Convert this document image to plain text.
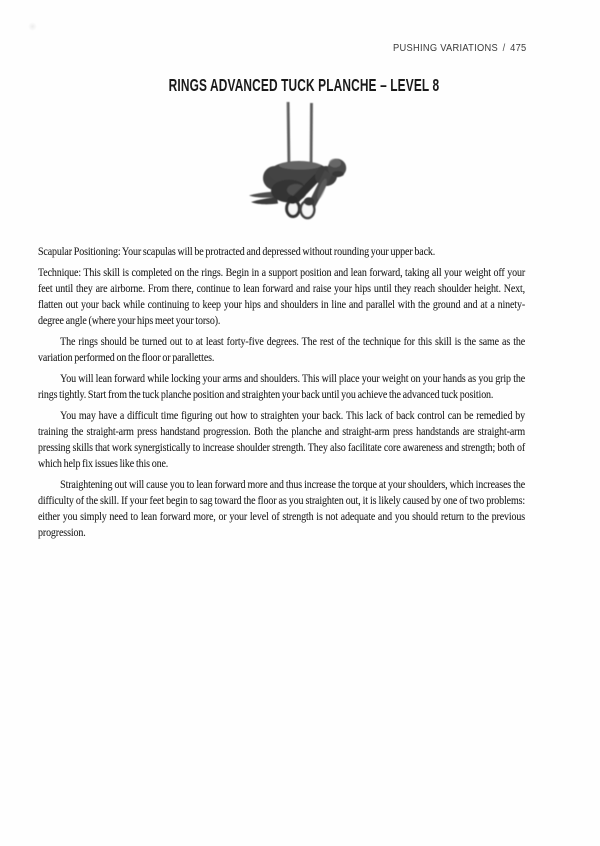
PUSHING VARIATIONS / 475
RINGS ADVANCED TUCK PLANCHE – LEVEL 8

Scapular Positioning: Your scapulas will be protracted and depressed without rounding your upper back.

Technique: This skill is completed on the rings. Begin in a support position and lean forward, taking all your weight off your feet until they are airborne. From there, continue to lean forward and raise your hips until they reach shoulder height. Next, flatten out your back while continuing to keep your hips and shoulders in line and parallel with the ground and at a ninety-degree angle (where your hips meet your torso).

The rings should be turned out to at least forty-five degrees. The rest of the technique for this skill is the same as the variation performed on the floor or parallettes.

You will lean forward while locking your arms and shoulders. This will place your weight on your hands as you grip the rings tightly. Start from the tuck planche position and straighten your back until you achieve the advanced tuck position.

You may have a difficult time figuring out how to straighten your back. This lack of back control can be remedied by training the straight-arm press handstand progression. Both the planche and straight-arm press handstands are straight-arm pressing skills that work synergistically to increase shoulder strength. They also facilitate core awareness and strength; both of which help fix issues like this one.

Straightening out will cause you to lean forward more and thus increase the torque at your shoulders, which increases the difficulty of the skill. If your feet begin to sag toward the floor as you straighten out, it is likely caused by one of two problems: either you simply need to lean forward more, or your level of strength is not adequate and you should return to the previous progression.
